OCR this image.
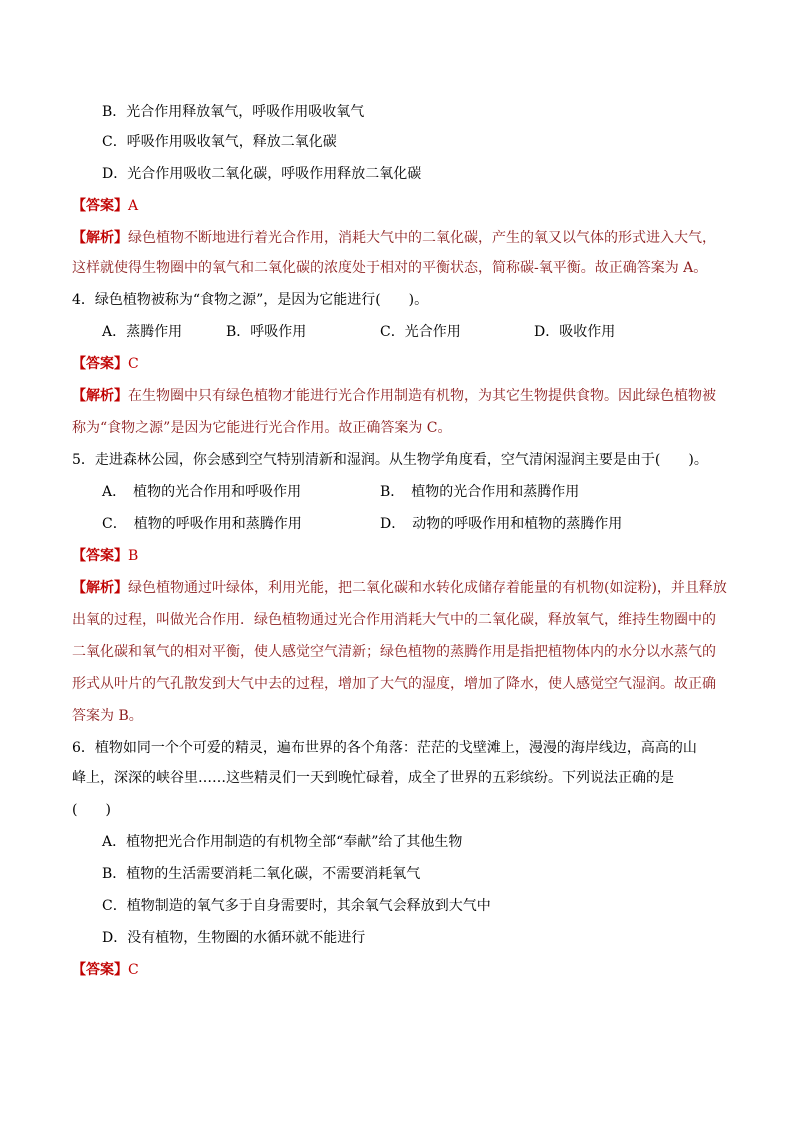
B．光合作用释放氧气，呼吸作用吸收氧气
C．呼吸作用吸收氧气，释放二氧化碳
D．光合作用吸收二氧化碳，呼吸作用释放二氧化碳
【答案】A
【解析】绿色植物不断地进行着光合作用，消耗大气中的二氧化碳，产生的氧又以气体的形式进入大气，
这样就使得生物圈中的氧气和二氧化碳的浓度处于相对的平衡状态，简称碳-氧平衡。故正确答案为 A。
4．绿色植物被称为“食物之源”，是因为它能进行(　　)。
A．蒸腾作用	B．呼吸作用	C．光合作用	D．吸收作用
【答案】C
【解析】在生物圈中只有绿色植物才能进行光合作用制造有机物，为其它生物提供食物。因此绿色植物被
称为“食物之源”是因为它能进行光合作用。故正确答案为 C。
5．走进森林公园，你会感到空气特别清新和湿润。从生物学角度看，空气清闲湿润主要是由于(　　)。
A．　植物的光合作用和呼吸作用	B．　植物的光合作用和蒸腾作用
C．　植物的呼吸作用和蒸腾作用	D．　动物的呼吸作用和植物的蒸腾作用
【答案】B
【解析】绿色植物通过叶绿体，利用光能，把二氧化碳和水转化成储存着能量的有机物(如淀粉)，并且释放
出氧的过程，叫做光合作用．绿色植物通过光合作用消耗大气中的二氧化碳，释放氧气，维持生物圈中的
二氧化碳和氧气的相对平衡，使人感觉空气清新；绿色植物的蒸腾作用是指把植物体内的水分以水蒸气的
形式从叶片的气孔散发到大气中去的过程，增加了大气的湿度，增加了降水，使人感觉空气湿润。故正确
答案为 B。
6．植物如同一个个可爱的精灵，遍布世界的各个角落：茫茫的戈壁滩上，漫漫的海岸线边，高高的山
峰上，深深的峡谷里……这些精灵们一天到晚忙碌着，成全了世界的五彩缤纷。下列说法正确的是
(　　)
A．植物把光合作用制造的有机物全部“奉献”给了其他生物
B．植物的生活需要消耗二氧化碳，不需要消耗氧气
C．植物制造的氧气多于自身需要时，其余氧气会释放到大气中
D．没有植物，生物圈的水循环就不能进行
【答案】C
